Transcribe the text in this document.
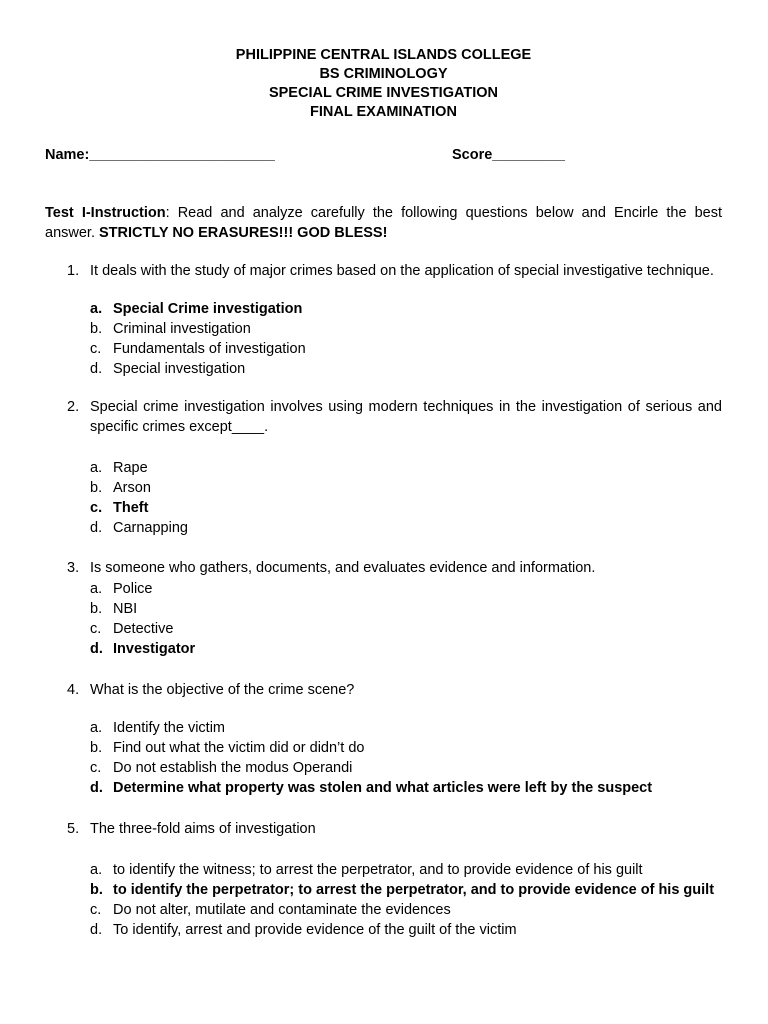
PHILIPPINE CENTRAL ISLANDS COLLEGE
BS CRIMINOLOGY
SPECIAL CRIME INVESTIGATION
FINAL EXAMINATION
Name:_______________________	Score_________
Test I-Instruction: Read and analyze carefully the following questions below and Encirle the best answer. STRICTLY NO ERASURES!!! GOD BLESS!
1. It deals with the study of major crimes based on the application of special investigative technique.
a. Special Crime investigation
b. Criminal investigation
c. Fundamentals of investigation
d. Special investigation
2. Special crime investigation involves using modern techniques in the investigation of serious and specific crimes except____.
a. Rape
b. Arson
c. Theft
d. Carnapping
3. Is someone who gathers, documents, and evaluates evidence and information.
a. Police
b. NBI
c. Detective
d. Investigator
4. What is the objective of the crime scene?
a. Identify the victim
b. Find out what the victim did or didn’t do
c. Do not establish the modus Operandi
d. Determine what property was stolen and what articles were left by the suspect
5. The three-fold aims of investigation
a. to identify the witness; to arrest the perpetrator, and to provide evidence of his guilt
b. to identify the perpetrator; to arrest the perpetrator, and to provide evidence of his guilt
c. Do not alter, mutilate and contaminate the evidences
d. To identify, arrest and provide evidence of the guilt of the victim
